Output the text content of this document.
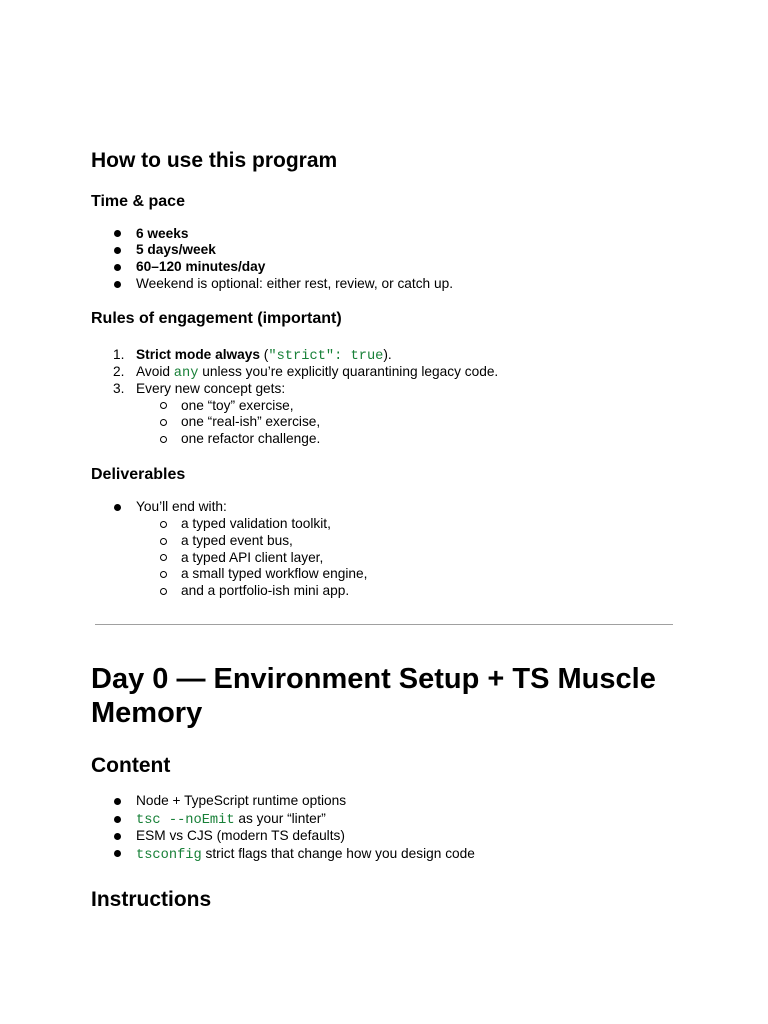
How to use this program
Time & pace
6 weeks
5 days/week
60–120 minutes/day
Weekend is optional: either rest, review, or catch up.
Rules of engagement (important)
1. Strict mode always ("strict": true).
2. Avoid any unless you’re explicitly quarantining legacy code.
3. Every new concept gets:
one “toy” exercise,
one “real-ish” exercise,
one refactor challenge.
Deliverables
You’ll end with:
a typed validation toolkit,
a typed event bus,
a typed API client layer,
a small typed workflow engine,
and a portfolio-ish mini app.
Day 0 — Environment Setup + TS Muscle Memory
Content
Node + TypeScript runtime options
tsc --noEmit as your “linter”
ESM vs CJS (modern TS defaults)
tsconfig strict flags that change how you design code
Instructions
